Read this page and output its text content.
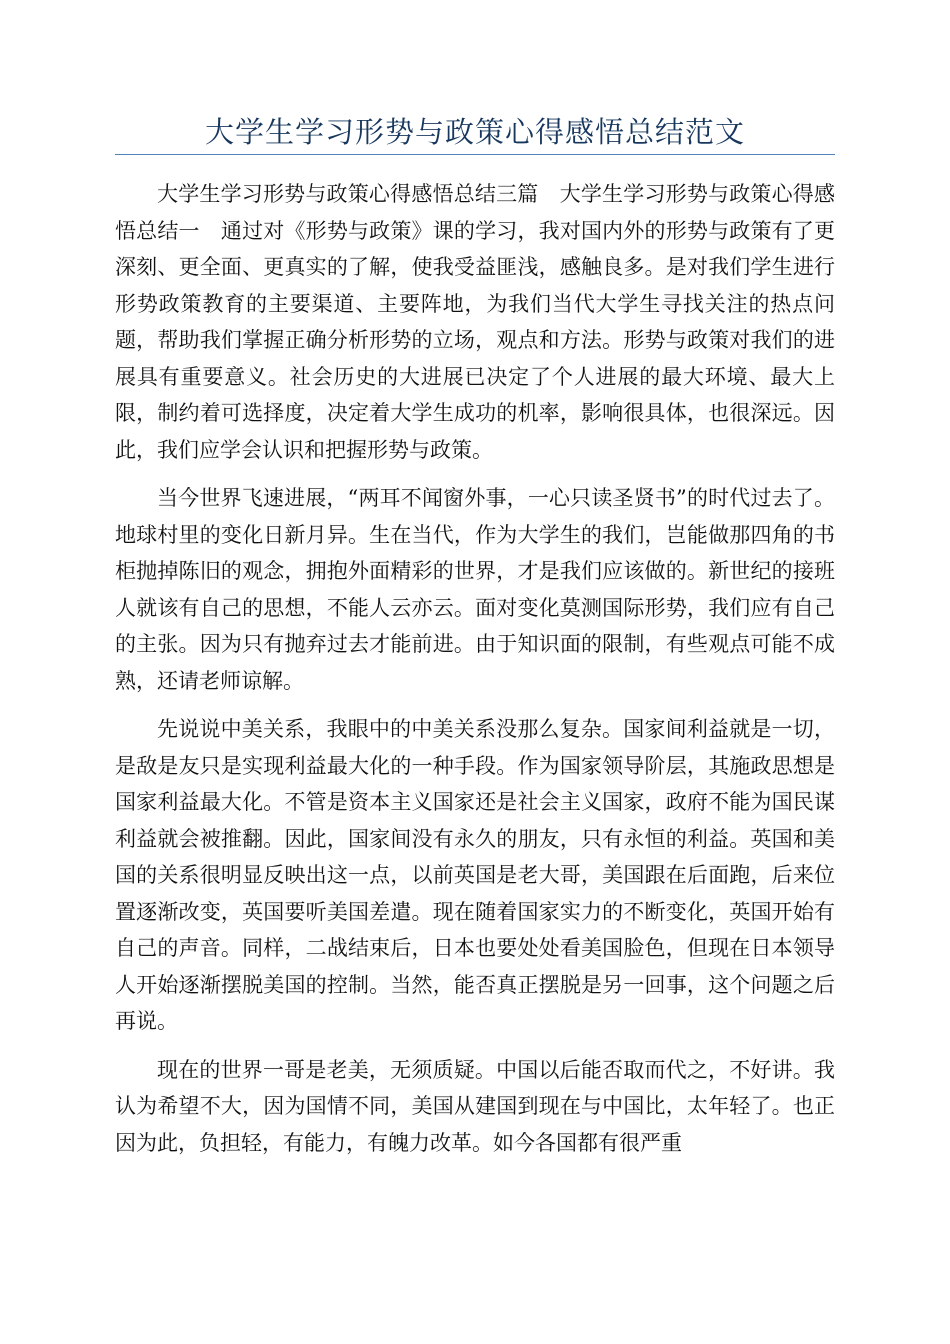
大学生学习形势与政策心得感悟总结范文

大学生学习形势与政策心得感悟总结三篇　大学生学习形势与政策心得感悟总结一　通过对《形势与政策》课的学习，我对国内外的形势与政策有了更深刻、更全面、更真实的了解，使我受益匪浅，感触良多。是对我们学生进行形势政策教育的主要渠道、主要阵地，为我们当代大学生寻找关注的热点问题，帮助我们掌握正确分析形势的立场，观点和方法。形势与政策对我们的进展具有重要意义。社会历史的大进展已决定了个人进展的最大环境、最大上限，制约着可选择度，决定着大学生成功的机率，影响很具体，也很深远。因此，我们应学会认识和把握形势与政策。

当今世界飞速进展，“两耳不闻窗外事，一心只读圣贤书”的时代过去了。地球村里的变化日新月异。生在当代，作为大学生的我们，岂能做那四角的书柜抛掉陈旧的观念，拥抱外面精彩的世界，才是我们应该做的。新世纪的接班人就该有自己的思想，不能人云亦云。面对变化莫测国际形势，我们应有自己的主张。因为只有抛弃过去才能前进。由于知识面的限制，有些观点可能不成熟，还请老师谅解。

先说说中美关系，我眼中的中美关系没那么复杂。国家间利益就是一切，是敌是友只是实现利益最大化的一种手段。作为国家领导阶层，其施政思想是国家利益最大化。不管是资本主义国家还是社会主义国家，政府不能为国民谋利益就会被推翻。因此，国家间没有永久的朋友，只有永恒的利益。英国和美国的关系很明显反映出这一点，以前英国是老大哥，美国跟在后面跑，后来位置逐渐改变，英国要听美国差遣。现在随着国家实力的不断变化，英国开始有自己的声音。同样，二战结束后，日本也要处处看美国脸色，但现在日本领导人开始逐渐摆脱美国的控制。当然，能否真正摆脱是另一回事，这个问题之后再说。

现在的世界一哥是老美，无须质疑。中国以后能否取而代之，不好讲。我认为希望不大，因为国情不同，美国从建国到现在与中国比，太年轻了。也正因为此，负担轻，有能力，有魄力改革。如今各国都有很严重
